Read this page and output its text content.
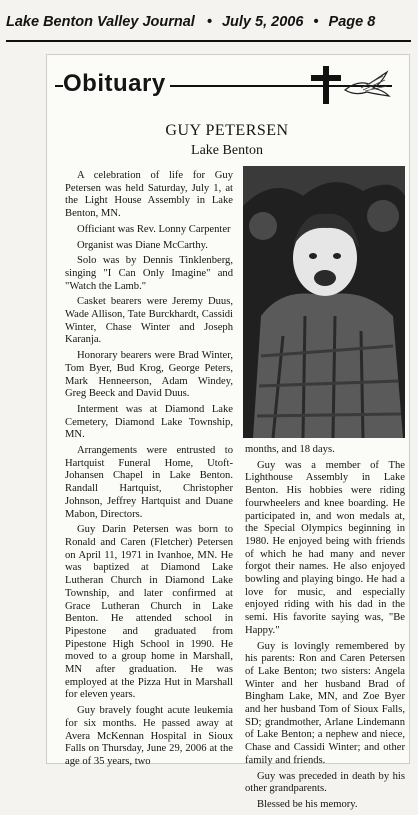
Lake Benton Valley Journal • July 5, 2006 • Page 8
Obituary
GUY PETERSEN
Lake Benton

A celebration of life for Guy Petersen was held Saturday, July 1, at the Light House Assembly in Lake Benton, MN.

Officiant was Rev. Lonny Carpenter

Organist was Diane McCarthy.

Solo was by Dennis Tinklenberg, singing "I Can Only Imagine" and "Watch the Lamb."

Casket bearers were Jeremy Duus, Wade Allison, Tate Burckhardt, Cassidi Winter, Chase Winter and Joseph Karanja.

Honorary bearers were Brad Winter, Tom Byer, Bud Krog, George Peters, Mark Henneerson, Adam Windey, Greg Beeck and David Duus.

Interment was at Diamond Lake Cemetery, Diamond Lake Township, MN.

Arrangements were entrusted to Hartquist Funeral Home, Utoft-Johansen Chapel in Lake Benton. Randall Hartquist, Christopher Johnson, Jeffrey Hartquist and Duane Mabon, Directors.

Guy Darin Petersen was born to Ronald and Caren (Fletcher) Petersen on April 11, 1971 in Ivanhoe, MN. He was baptized at Diamond Lake Lutheran Church in Diamond Lake Township, and later confirmed at Grace Lutheran Church in Lake Benton. He attended school in Pipestone and graduated from Pipestone High School in 1990. He moved to a group home in Marshall, MN after graduation. He was employed at the Pizza Hut in Marshall for eleven years.

Guy bravely fought acute leukemia for six months. He passed away at Avera McKennan Hospital in Sioux Falls on Thursday, June 29, 2006 at the age of 35 years, two

months, and 18 days.

Guy was a member of The Lighthouse Assembly in Lake Benton. His hobbies were riding fourwheelers and knee boarding. He participated in, and won medals at, the Special Olympics beginning in 1980. He enjoyed being with friends of which he had many and never forgot their names. He also enjoyed bowling and playing bingo. He had a love for music, and especially enjoyed riding with his dad in the semi. His favorite saying was, "Be Happy."

Guy is lovingly remembered by his parents: Ron and Caren Petersen of Lake Benton; two sisters: Angela Winter and her husband Brad of Bingham Lake, MN, and Zoe Byer and her husband Tom of Sioux Falls, SD; grandmother, Arlane Lindemann of Lake Benton; a nephew and niece, Chase and Cassidi Winter; and other family and friends.

Guy was preceded in death by his other grandparents.

Blessed be his memory.
